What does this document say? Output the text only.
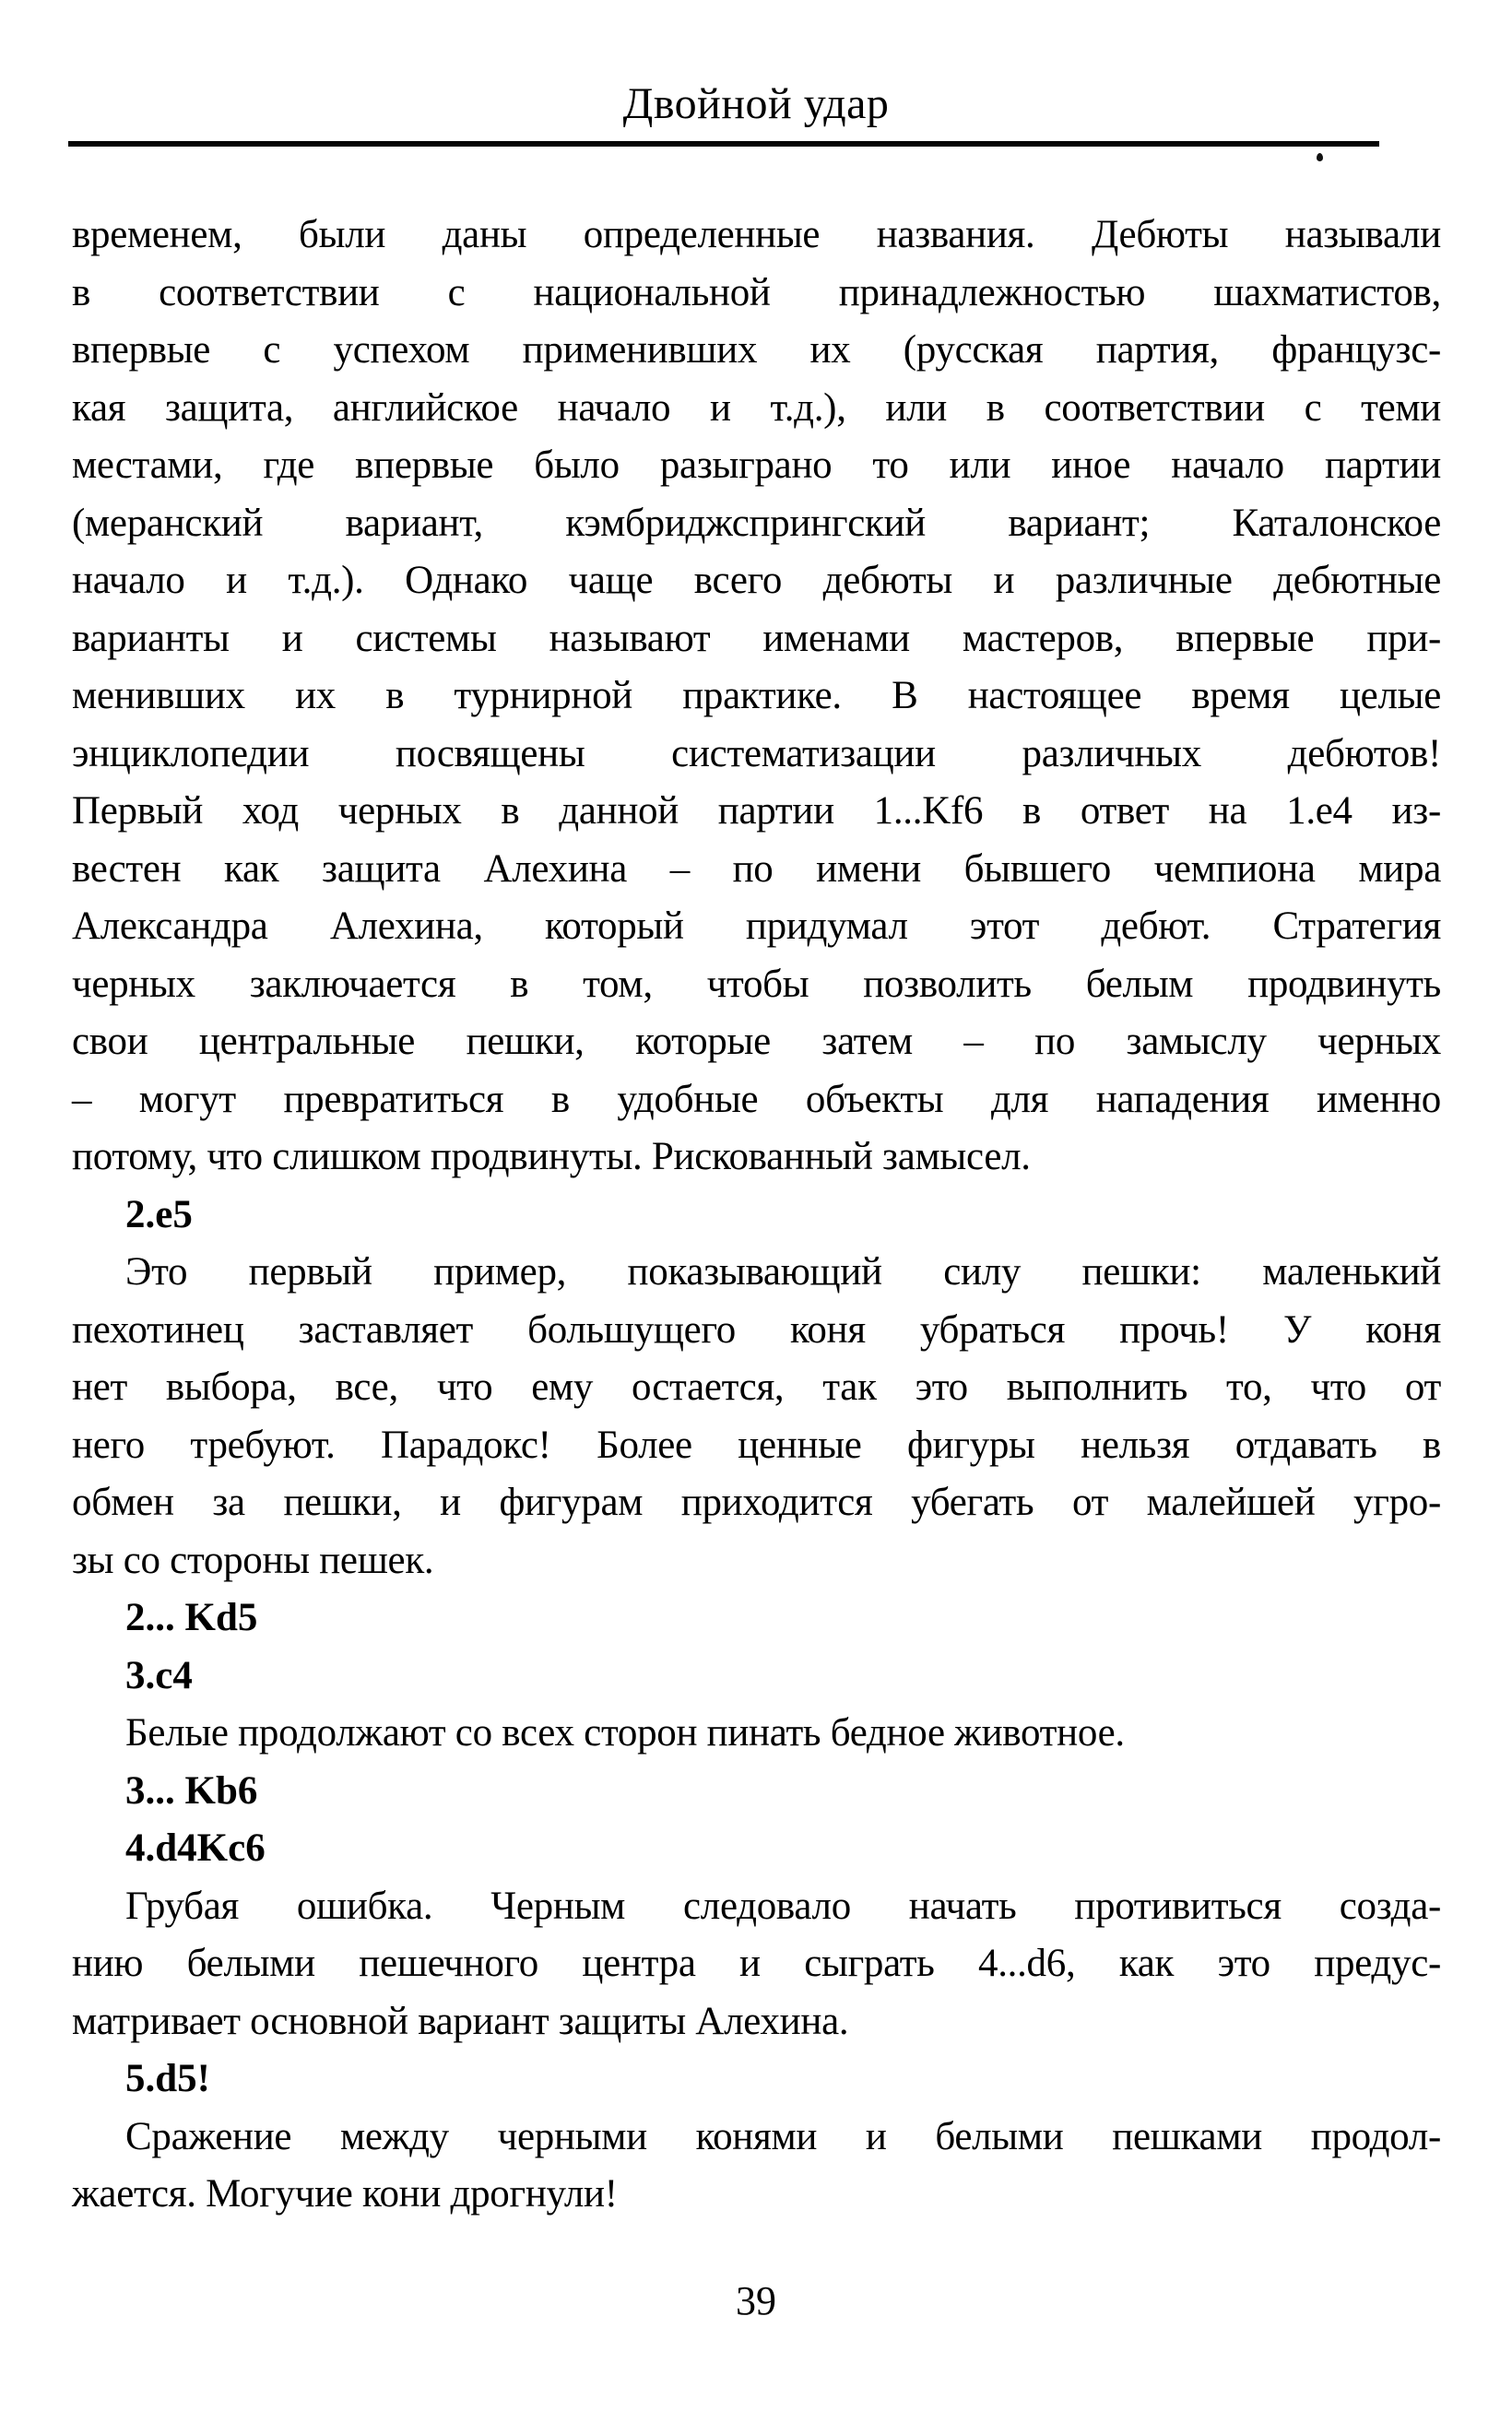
Двойной удар
временем, были даны определенные названия. Дебюты называли
в соответствии с национальной принадлежностью шахматистов,
впервые с успехом применивших их (русская партия, французс-
кая защита, английское начало и т.д.), или в соответствии с теми
местами, где впервые было разыграно то или иное начало партии
(меранский вариант, кэмбриджспрингский вариант; Каталонское
начало и т.д.). Однако чаще всего дебюты и различные дебютные
варианты и системы называют именами мастеров, впервые при-
менивших их в турнирной практике. В настоящее время целые
энциклопедии посвящены систематизации различных дебютов!
Первый ход черных в данной партии 1...Kf6 в ответ на 1.e4 из-
вестен как защита Алехина – по имени бывшего чемпиона мира
Александра Алехина, который придумал этот дебют. Стратегия
черных заключается в том, чтобы позволить белым продвинуть
свои центральные пешки, которые затем – по замыслу черных
– могут превратиться в удобные объекты для нападения именно
потому, что слишком продвинуты. Рискованный замысел.
2.e5
Это первый пример, показывающий силу пешки: маленький
пехотинец заставляет большущего коня убраться прочь! У коня
нет выбора, все, что ему остается, так это выполнить то, что от
него требуют. Парадокс! Более ценные фигуры нельзя отдавать в
обмен за пешки, и фигурам приходится убегать от малейшей угро-
зы со стороны пешек.
2... Kd5
3.c4
Белые продолжают со всех сторон пинать бедное животное.
3... Kb6
4.d4Kc6
Грубая ошибка. Черным следовало начать противиться созда-
нию белыми пешечного центра и сыграть 4...d6, как это предус-
матривает основной вариант защиты Алехина.
5.d5!
Сражение между черными конями и белыми пешками продол-
жается. Могучие кони дрогнули!
39
